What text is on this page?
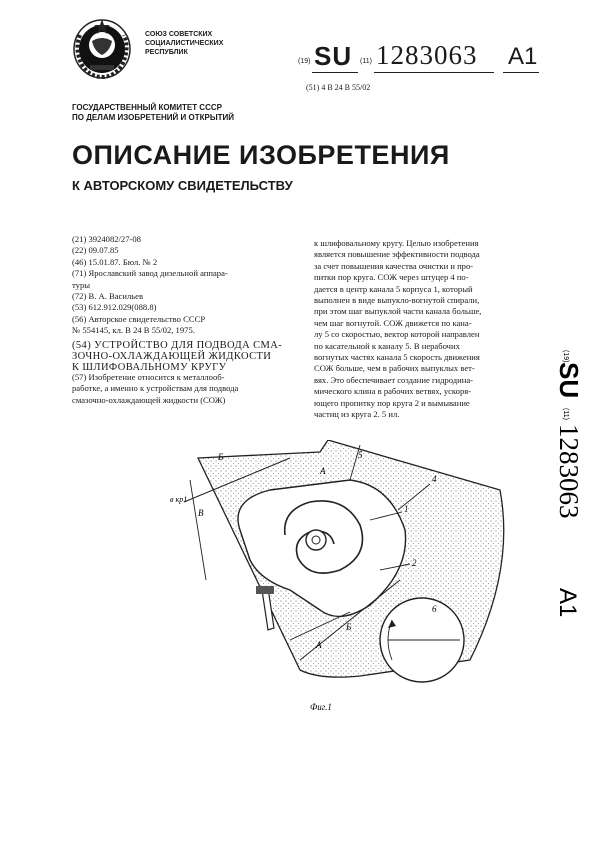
СОЮЗ СОВЕТСКИХ
СОЦИАЛИСТИЧЕСКИХ
РЕСПУБЛИК
(19) SU (11) 1283063 A1
(51) 4 В 24 В 55/02
ГОСУДАРСТВЕННЫЙ КОМИТЕТ СССР
ПО ДЕЛАМ ИЗОБРЕТЕНИЙ И ОТКРЫТИЙ
ОПИСАНИЕ ИЗОБРЕТЕНИЯ
К АВТОРСКОМУ СВИДЕТЕЛЬСТВУ
(21) 3924082/27-08
(22) 09.07.85
(46) 15.01.87. Бюл. № 2
(71) Ярославский завод дизельной аппара-
туры
(72) В. А. Васильев
(53) 612.912.029(088.8)
(56) Авторское свидетельство СССР
№ 554145, кл. В 24 В 55/02, 1975.
(54) УСТРОЙСТВО ДЛЯ ПОДВОДА СМА-
ЗОЧНО-ОХЛАЖДАЮЩЕЙ ЖИДКОСТИ
К ШЛИФОВАЛЬНОМУ КРУГУ
(57) Изобретение относится к металлооб-
работке, а именно к устройствам для подвода
смазочно-охлаждающей жидкости (СОЖ)
к шлифовальному кругу. Целью изобретения
является повышение эффективности подвода
за счет повышения качества очистки и про-
питки пор круга. СОЖ через штуцер 4 по-
дается в центр канала 5 корпуса 1, который
выполнен в виде выпукло-вогнутой спирали,
при этом шаг выпуклой части канала больше,
чем шаг вогнутой. СОЖ движется по кана-
лу 5 со скоростью, вектор которой направлен
по касательной к каналу 5. В нерабочих
вогнутых частях канала 5 скорость движения
СОЖ больше, чем в рабочих выпуклых вет-
вях. Это обеспечивает создание гидродина-
мического клина в рабочих ветвях, ускоря-
ющего пропитку пор круга 2 и вымывание
частиц из круга 2. 5 ил.
(19)
SU
(11)
1283063
A1
5
4
1
2
6
Б
А
В
А
Б
в кр1
Фиг.1
